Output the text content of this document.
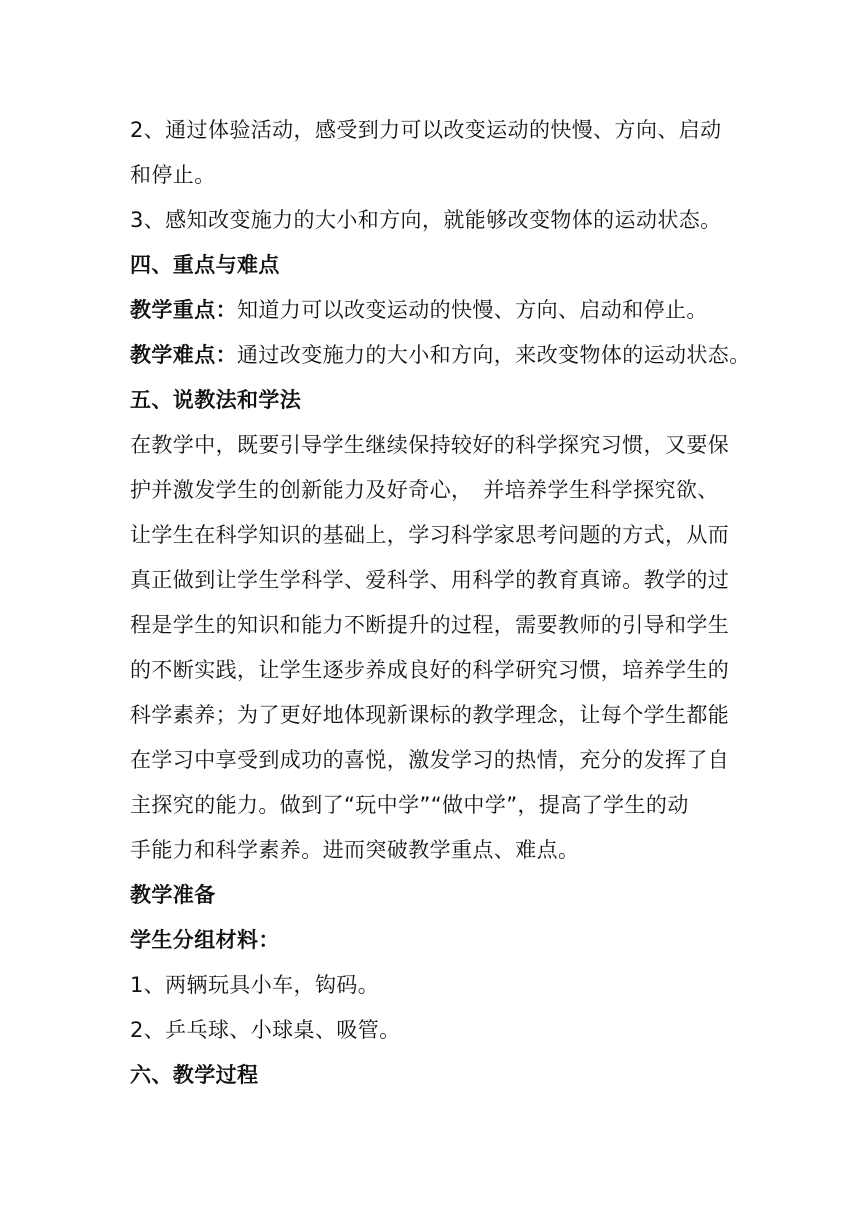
2、通过体验活动，感受到力可以改变运动的快慢、方向、启动
和停止。
3、感知改变施力的大小和方向，就能够改变物体的运动状态。
四、重点与难点
教学重点：知道力可以改变运动的快慢、方向、启动和停止。
教学难点：通过改变施力的大小和方向，来改变物体的运动状态。
五、说教法和学法
在教学中，既要引导学生继续保持较好的科学探究习惯，又要保
护并激发学生的创新能力及好奇心，　并培养学生科学探究欲、
让学生在科学知识的基础上，学习科学家思考问题的方式，从而
真正做到让学生学科学、爱科学、用科学的教育真谛。教学的过
程是学生的知识和能力不断提升的过程，需要教师的引导和学生
的不断实践，让学生逐步养成良好的科学研究习惯，培养学生的
科学素养；为了更好地体现新课标的教学理念，让每个学生都能
在学习中享受到成功的喜悦，激发学习的热情，充分的发挥了自
主探究的能力。做到了“玩中学”“做中学”，提高了学生的动
手能力和科学素养。进而突破教学重点、难点。
教学准备
学生分组材料：
1、两辆玩具小车，钩码。
2、乒乓球、小球桌、吸管。
六、教学过程
